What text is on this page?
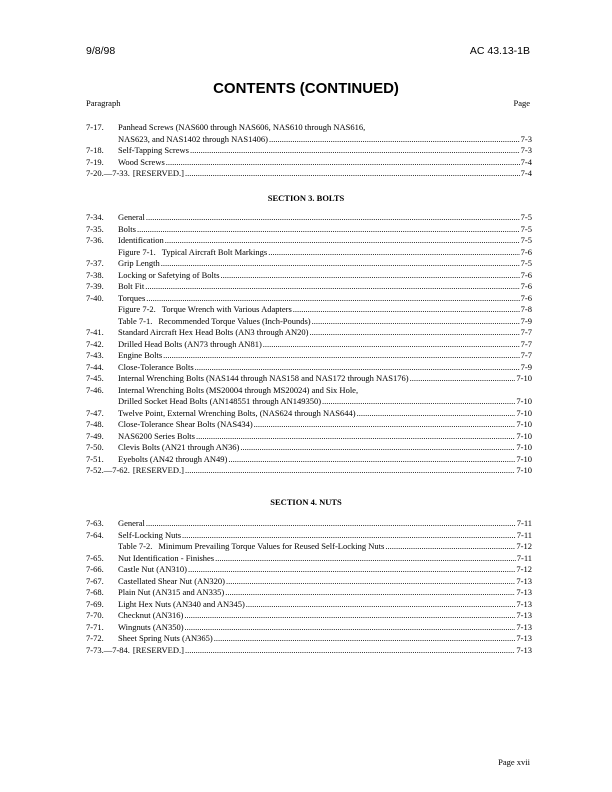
9/8/98	AC 43.13-1B
CONTENTS (CONTINUED)
Paragraph	Page
7-17.	Panhead Screws (NAS600 through NAS606, NAS610 through NAS616,
NAS623, and NAS1402 through NAS1406) .....	7-3
7-18.	Self-Tapping Screws .....	7-3
7-19.	Wood Screws .....	7-4
7-20.—7-33. [RESERVED.] .....	7-4
SECTION 3. BOLTS
7-34.	General .....	7-5
7-35.	Bolts .....	7-5
7-36.	Identification .....	7-5
Figure 7-1. Typical Aircraft Bolt Markings .....	7-6
7-37.	Grip Length .....	7-5
7-38.	Locking or Safetying of Bolts .....	7-6
7-39.	Bolt Fit .....	7-6
7-40.	Torques .....	7-6
Figure 7-2. Torque Wrench with Various Adapters .....	7-8
Table 7-1. Recommended Torque Values (Inch-Pounds) .....	7-9
7-41.	Standard Aircraft Hex Head Bolts (AN3 through AN20) .....	7-7
7-42.	Drilled Head Bolts (AN73 through AN81) .....	7-7
7-43.	Engine Bolts .....	7-7
7-44.	Close-Tolerance Bolts .....	7-9
7-45.	Internal Wrenching Bolts (NAS144 through NAS158 and NAS172 through NAS176) .....	7-10
7-46.	Internal Wrenching Bolts (MS20004 through MS20024) and Six Hole,
Drilled Socket Head Bolts (AN148551 through AN149350) .....	7-10
7-47.	Twelve Point, External Wrenching Bolts, (NAS624 through NAS644) .....	7-10
7-48.	Close-Tolerance Shear Bolts (NAS434) .....	7-10
7-49.	NAS6200 Series Bolts .....	7-10
7-50.	Clevis Bolts (AN21 through AN36) .....	7-10
7-51.	Eyebolts (AN42 through AN49) .....	7-10
7-52.—7-62. [RESERVED.] .....	7-10
SECTION 4. NUTS
7-63.	General .....	7-11
7-64.	Self-Locking Nuts .....	7-11
Table 7-2. Minimum Prevailing Torque Values for Reused Self-Locking Nuts .....	7-12
7-65.	Nut Identification - Finishes .....	7-11
7-66.	Castle Nut (AN310) .....	7-12
7-67.	Castellated Shear Nut (AN320) .....	7-13
7-68.	Plain Nut (AN315 and AN335) .....	7-13
7-69.	Light Hex Nuts (AN340 and AN345) .....	7-13
7-70.	Checknut (AN316) .....	7-13
7-71.	Wingnuts (AN350) .....	7-13
7-72.	Sheet Spring Nuts (AN365) .....	7-13
7-73.—7-84. [RESERVED.] .....	7-13
Page xvii
